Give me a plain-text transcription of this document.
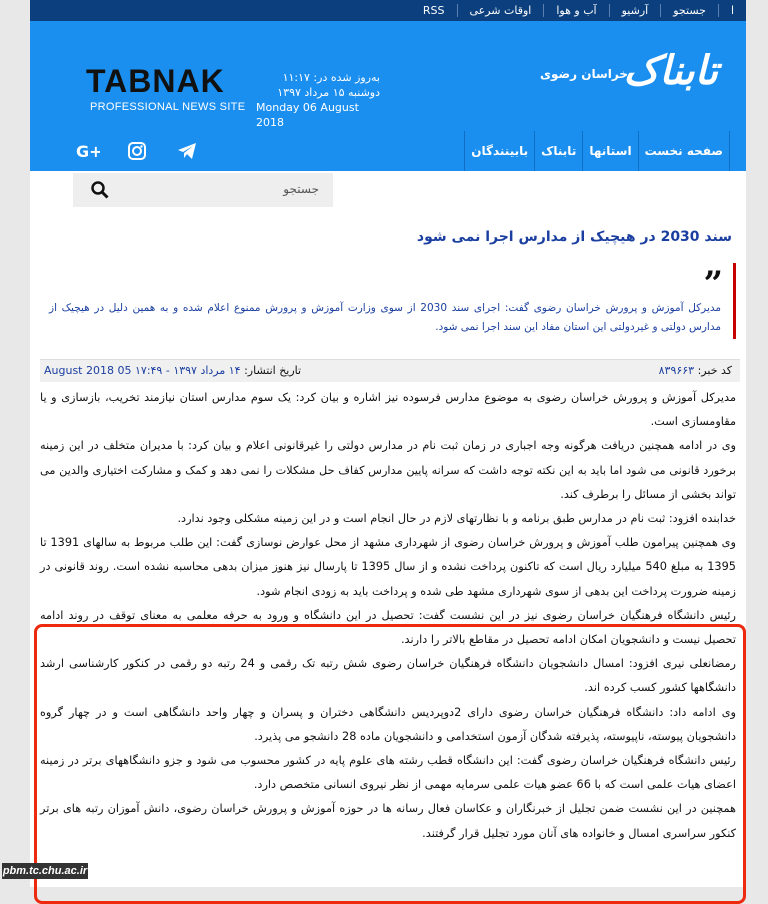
ا
جستجو
آرشیو
آب و هوا
اوقات شرعی
RSS
تابناک
خراسان رضوی
به‌روز شده در: ۱۱:۱۷
دوشنبه ۱۵ مرداد ۱۳۹۷
Monday 06 August 2018
TABNAK
PROFESSIONAL NEWS SITE
صفحه نخست
استانها
تابناک
بابینندگان
G+
جستجو
سند 2030 در هیچیک از مدارس اجرا نمی شود
”
مدیرکل آموزش و پرورش خراسان رضوی گفت: اجرای سند 2030 از سوی وزارت آموزش و پرورش ممنوع اعلام شده و به همین دلیل در هیچیک از مدارس دولتی و غیردولتی این استان مفاد این سند اجرا نمی شود.
کد خبر: ۸۳۹۶۶۳
تاریخ انتشار: ۱۴ مرداد ۱۳۹۷ - ۱۷:۴۹ 05 August 2018

مدیرکل آموزش و پرورش خراسان رضوی به موضوع مدارس فرسوده نیز اشاره و بیان کرد: یک سوم مدارس استان نیازمند تخریب، بازسازی و یا مقاومسازی است.

وی در ادامه همچنین دریافت هرگونه وجه اجباری در زمان ثبت نام در مدارس دولتی را غیرقانونی اعلام و بیان کرد: با مدیران متخلف در این زمینه برخورد قانونی می شود اما باید به این نکته توجه داشت که سرانه پایین مدارس کفاف حل مشکلات را نمی دهد و کمک و مشارکت اختیاری والدین می تواند بخشی از مسائل را برطرف کند.

خدابنده افزود: ثبت نام در مدارس طبق برنامه و با نظارتهای لازم در حال انجام است و در این زمینه مشکلی وجود ندارد.

وی همچنین پیرامون طلب آموزش و پرورش خراسان رضوی از شهرداری مشهد از محل عوارض نوسازی گفت: این طلب مربوط به سالهای 1391 تا 1395 به مبلغ 540 میلیارد ریال است که تاکنون پرداخت نشده و از سال 1395 تا پارسال نیز هنوز میزان بدهی محاسبه نشده است. روند قانونی در زمینه ضرورت پرداخت این بدهی از سوی شهرداری مشهد طی شده و پرداخت باید به زودی انجام شود.

رئیس دانشگاه فرهنگیان خراسان رضوی نیز در این نشست گفت: تحصیل در این دانشگاه و ورود به حرفه معلمی به معنای توقف در روند ادامه تحصیل نیست و دانشجویان امکان ادامه تحصیل در مقاطع بالاتر را دارند.

رمضانعلی نیری افزود: امسال دانشجویان دانشگاه فرهنگیان خراسان رضوی شش رتبه تک رقمی و 24 رتبه دو رقمی در کنکور کارشناسی ارشد دانشگاهها کشور کسب کرده اند.

وی ادامه داد: دانشگاه فرهنگیان خراسان رضوی دارای 2دوپردیس دانشگاهی دختران و پسران و چهار واحد دانشگاهی است و در چهار گروه دانشجویان پیوسته، ناپیوسته، پذیرفته شدگان آزمون استخدامی و دانشجویان ماده 28 دانشجو می پذیرد.

رئیس دانشگاه فرهنگیان خراسان رضوی گفت: این دانشگاه قطب رشته های علوم پایه در کشور محسوب می شود و جزو دانشگاههای برتر در زمینه اعضای هیات علمی است که با 66 عضو هیات علمی سرمایه مهمی از نظر نیروی انسانی متخصص دارد.

همچنین در این نشست ضمن تجلیل از خبرنگاران و عکاسان فعال رسانه ها در حوزه آموزش و پرورش خراسان رضوی، دانش آموزان رتبه های برتر کنکور سراسری امسال و خانواده های آنان مورد تجلیل قرار گرفتند.

pbm.tc.chu.ac.ir
